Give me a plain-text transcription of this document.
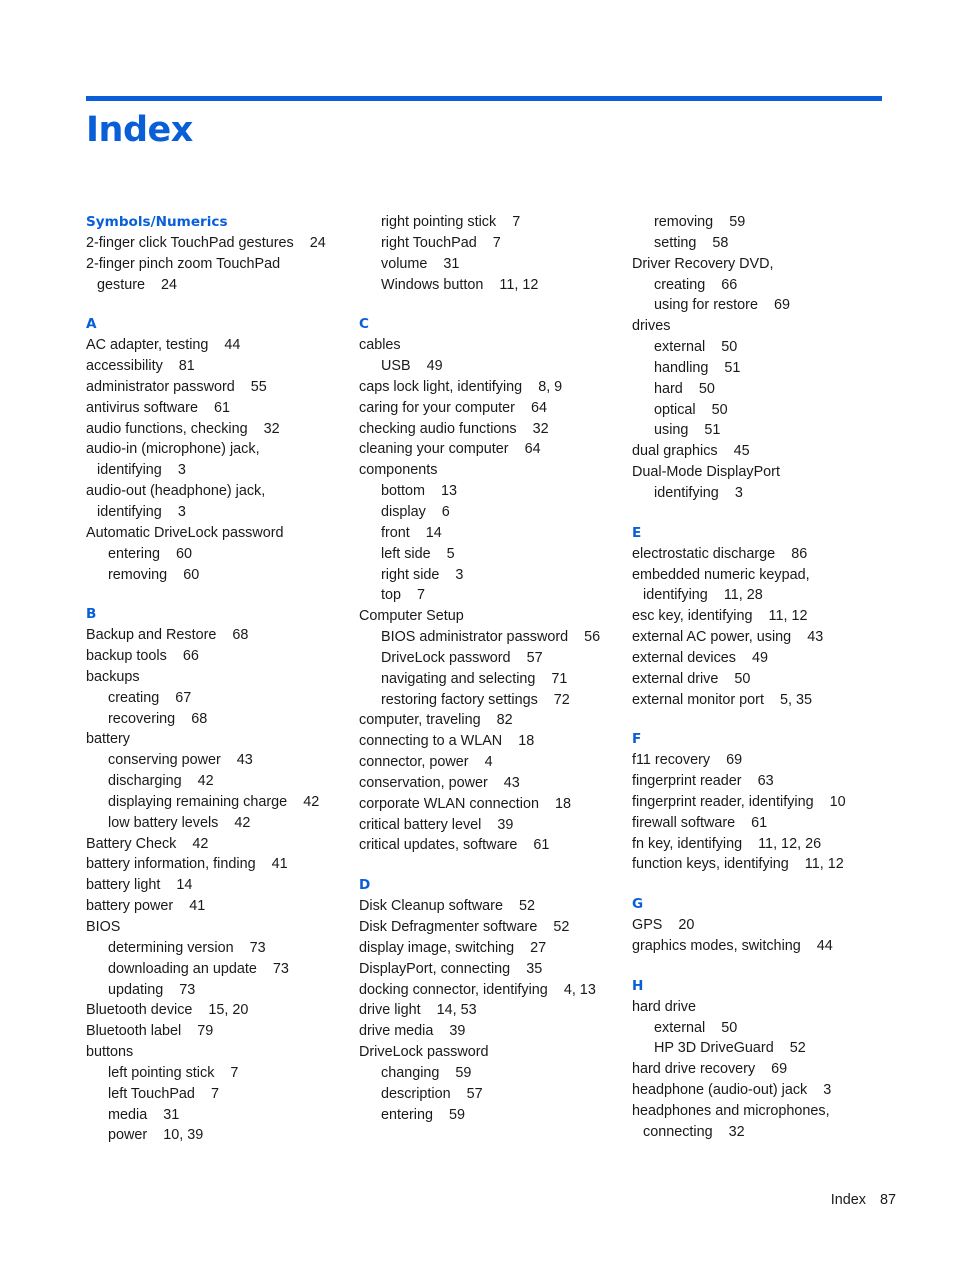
Index
Symbols/Numerics
2-finger click TouchPad gestures 24
2-finger pinch zoom TouchPad
gesture 24
A
AC adapter, testing 44
accessibility 81
administrator password 55
antivirus software 61
audio functions, checking 32
audio-in (microphone) jack,
identifying 3
audio-out (headphone) jack,
identifying 3
Automatic DriveLock password
entering 60
removing 60
B
Backup and Restore 68
backup tools 66
backups
creating 67
recovering 68
battery
conserving power 43
discharging 42
displaying remaining charge 42
low battery levels 42
Battery Check 42
battery information, finding 41
battery light 14
battery power 41
BIOS
determining version 73
downloading an update 73
updating 73
Bluetooth device 15, 20
Bluetooth label 79
buttons
left pointing stick 7
left TouchPad 7
media 31
power 10, 39
right pointing stick 7
right TouchPad 7
volume 31
Windows button 11, 12
C
cables
USB 49
caps lock light, identifying 8, 9
caring for your computer 64
checking audio functions 32
cleaning your computer 64
components
bottom 13
display 6
front 14
left side 5
right side 3
top 7
Computer Setup
BIOS administrator password 56
DriveLock password 57
navigating and selecting 71
restoring factory settings 72
computer, traveling 82
connecting to a WLAN 18
connector, power 4
conservation, power 43
corporate WLAN connection 18
critical battery level 39
critical updates, software 61
D
Disk Cleanup software 52
Disk Defragmenter software 52
display image, switching 27
DisplayPort, connecting 35
docking connector, identifying 4, 13
drive light 14, 53
drive media 39
DriveLock password
changing 59
description 57
entering 59
removing 59
setting 58
Driver Recovery DVD,
creating 66
using for restore 69
drives
external 50
handling 51
hard 50
optical 50
using 51
dual graphics 45
Dual-Mode DisplayPort
identifying 3
E
electrostatic discharge 86
embedded numeric keypad,
identifying 11, 28
esc key, identifying 11, 12
external AC power, using 43
external devices 49
external drive 50
external monitor port 5, 35
F
f11 recovery 69
fingerprint reader 63
fingerprint reader, identifying 10
firewall software 61
fn key, identifying 11, 12, 26
function keys, identifying 11, 12
G
GPS 20
graphics modes, switching 44
H
hard drive
external 50
HP 3D DriveGuard 52
hard drive recovery 69
headphone (audio-out) jack 3
headphones and microphones,
connecting 32
Index 87
